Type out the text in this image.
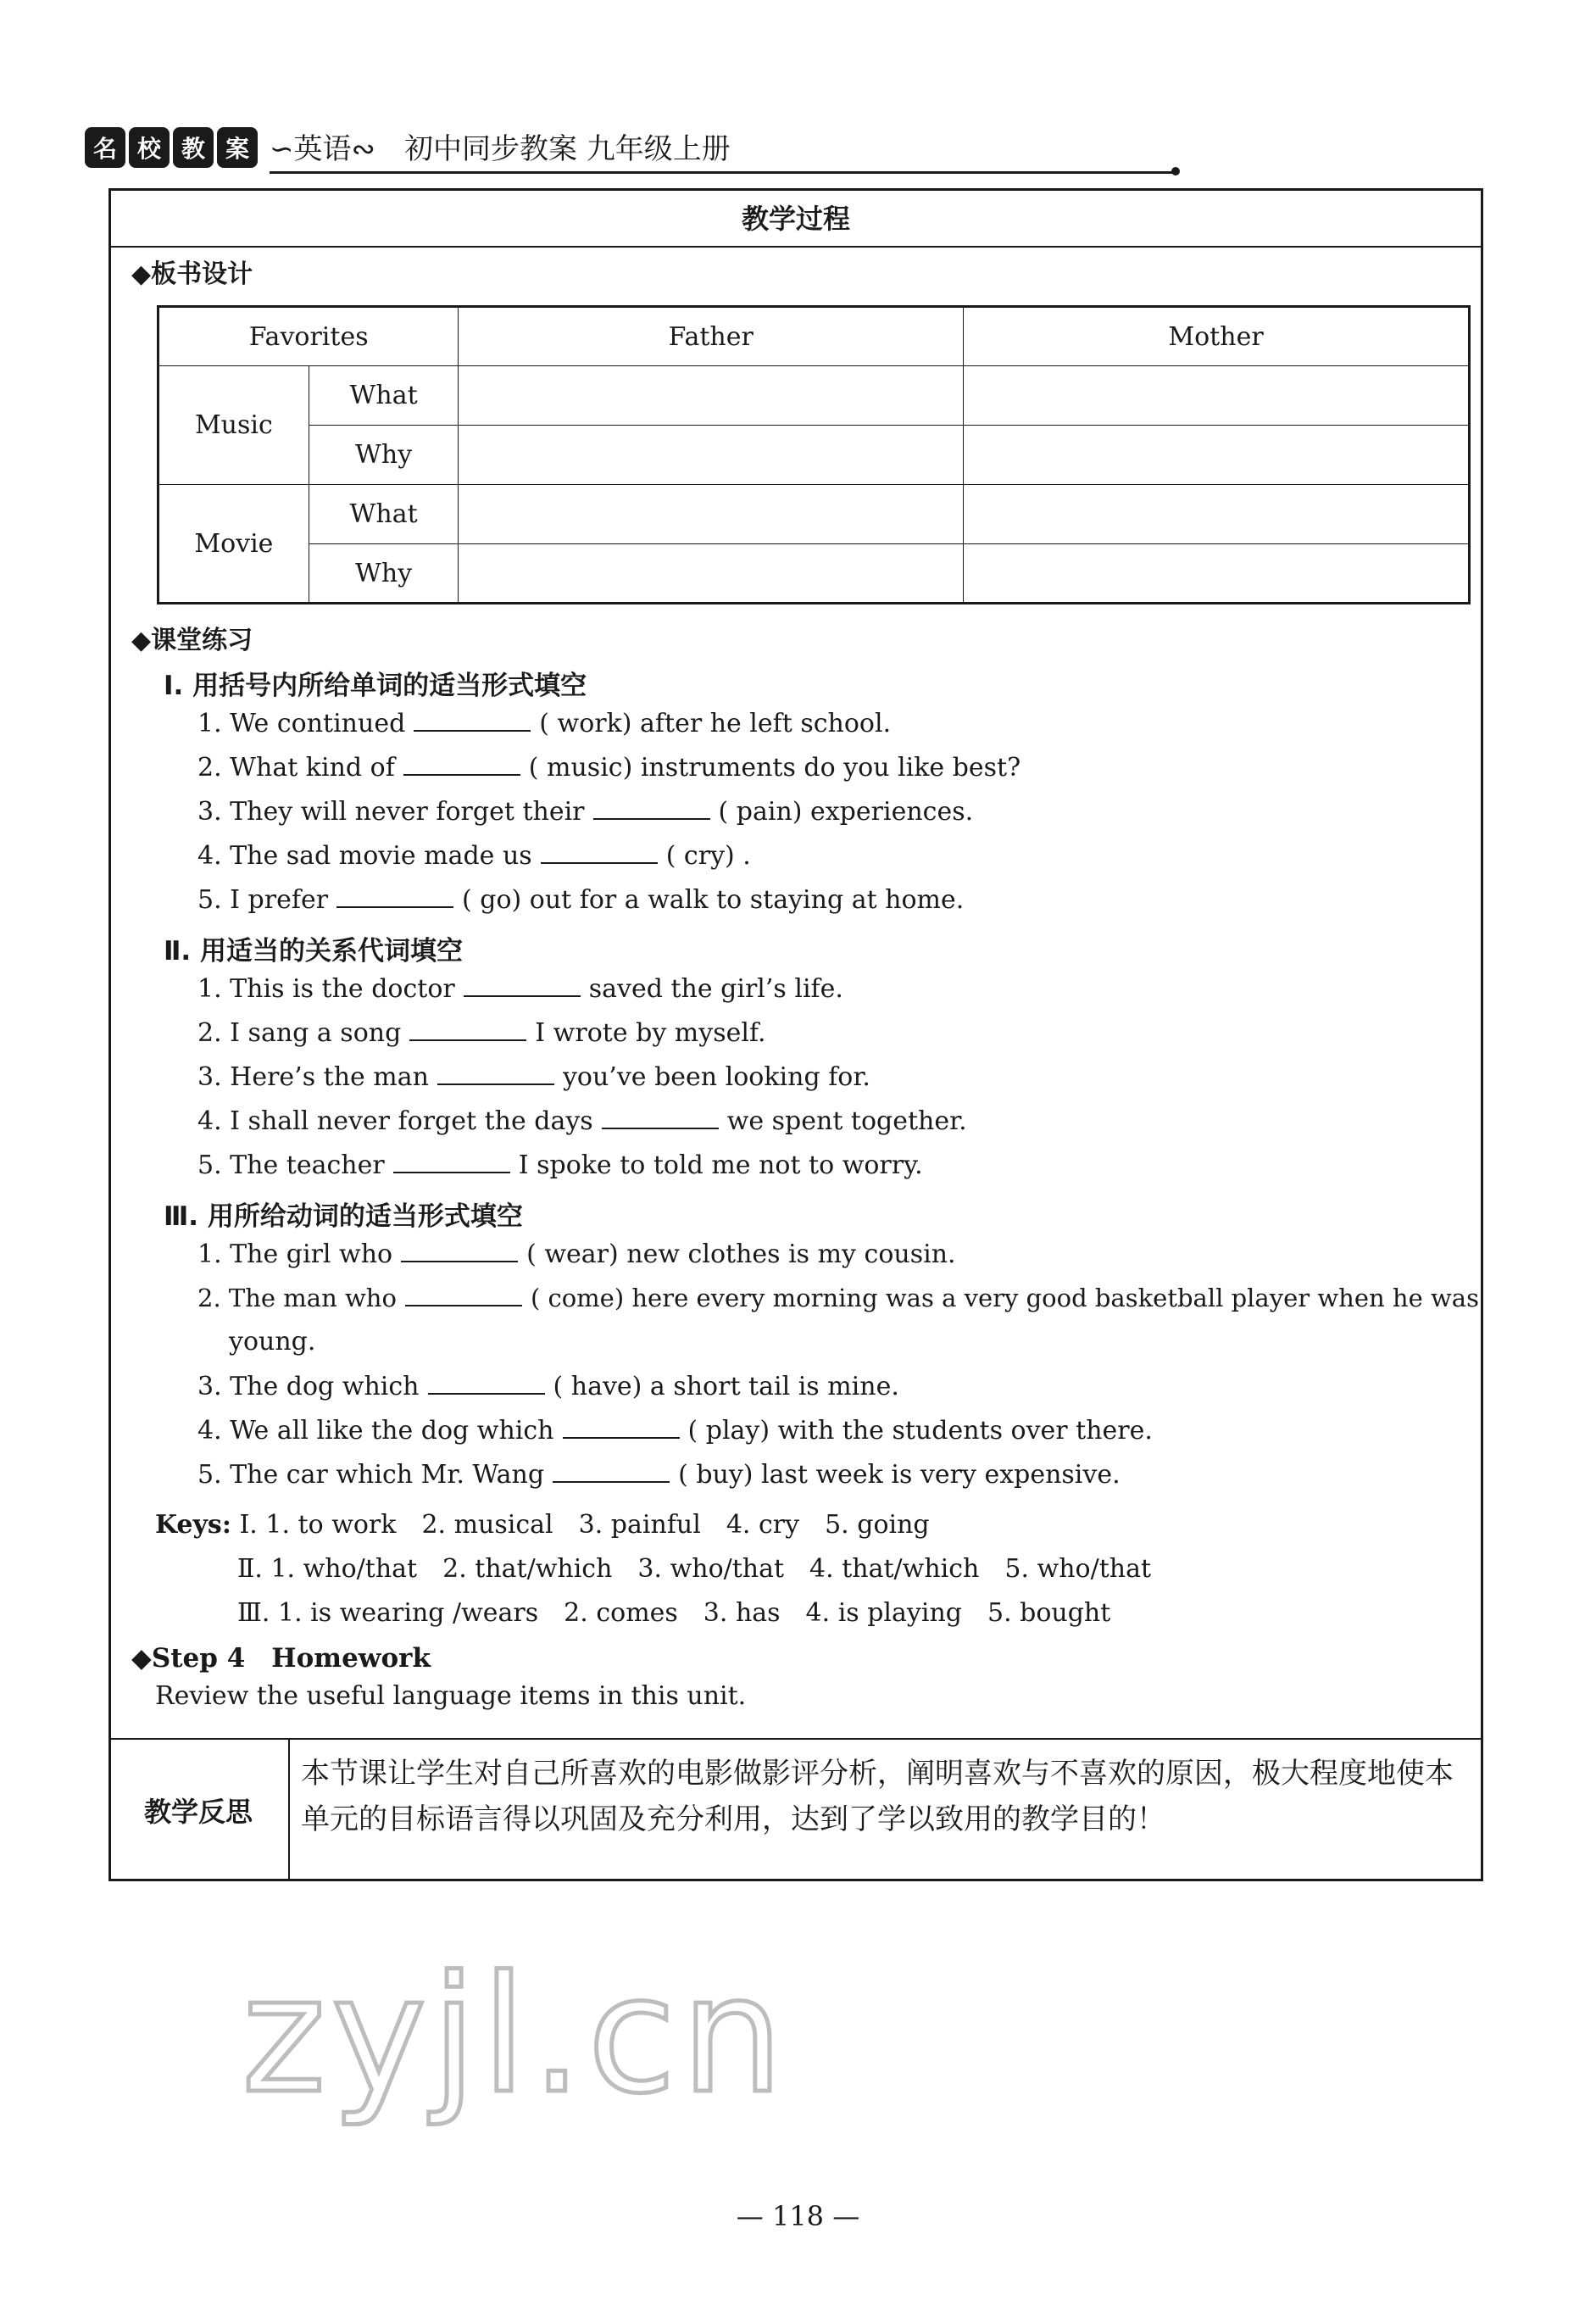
名 校 教 案 ∽英语∾　初中同步教案 九年级上册
教学过程
◆板书设计
Favorites		Father	Mother
Music	What		
	Why		
Movie	What		
	Why		
◆课堂练习
Ⅰ. 用括号内所给单词的适当形式填空
1. We continued	( work) after he left school.
2. What kind of	( music) instruments do you like best?
3. They will never forget their	( pain) experiences.
4. The sad movie made us	( cry) .
5. I prefer	( go) out for a walk to staying at home.
Ⅱ. 用适当的关系代词填空
1. This is the doctor	saved the girl’s life.
2. I sang a song	I wrote by myself.
3. Here’s the man	you’ve been looking for.
4. I shall never forget the days	we spent together.
5. The teacher	I spoke to told me not to worry.
Ⅲ. 用所给动词的适当形式填空
1. The girl who	( wear) new clothes is my cousin.
2. The man who	( come) here every morning was a very good basketball player when he was
young.
3. The dog which	( have) a short tail is mine.
4. We all like the dog which	( play) with the students over there.
5. The car which Mr. Wang	( buy) last week is very expensive.
Keys: Ⅰ. 1. to work　2. musical　3. painful　4. cry　5. going
Ⅱ. 1. who/that　2. that/which　3. who/that　4. that/which　5. who/that
Ⅲ. 1. is wearing /wears　2. comes　3. has　4. is playing　5. bought
◆Step 4　Homework
Review the useful language items in this unit.
教学反思
本节课让学生对自己所喜欢的电影做影评分析，阐明喜欢与不喜欢的原因，极大程度地使本单元的目标语言得以巩固及充分利用，达到了学以致用的教学目的！
zyjl.cn
— 118 —
